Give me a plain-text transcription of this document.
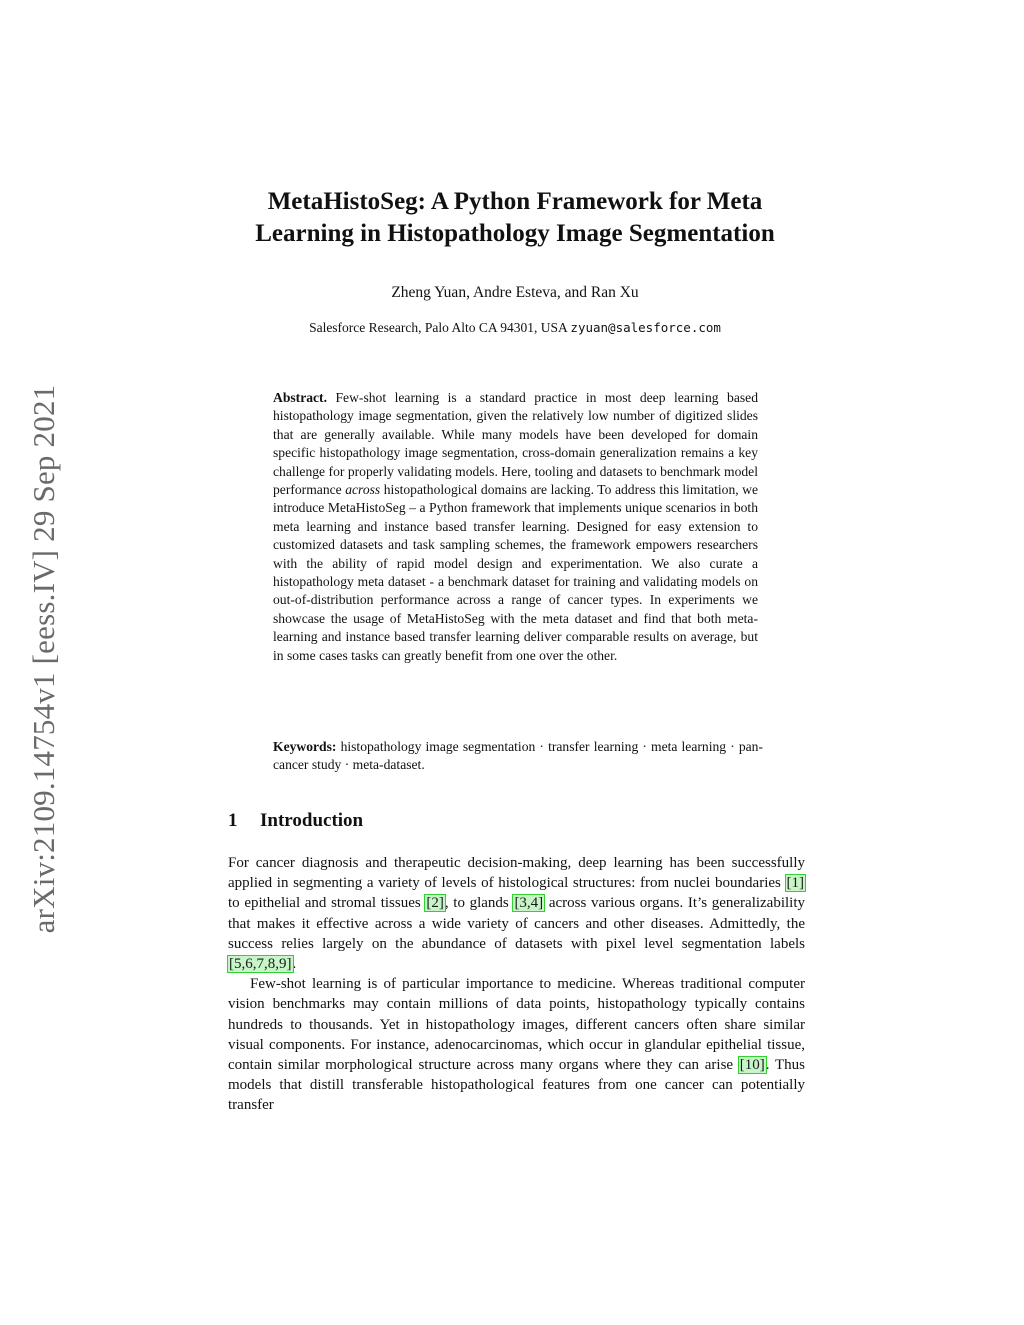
arXiv:2109.14754v1 [eess.IV] 29 Sep 2021
MetaHistoSeg: A Python Framework for Meta
Learning in Histopathology Image Segmentation
Zheng Yuan, Andre Esteva, and Ran Xu
Salesforce Research, Palo Alto CA 94301, USA zyuan@salesforce.com
Abstract. Few-shot learning is a standard practice in most deep learning based histopathology image segmentation, given the relatively low number of digitized slides that are generally available. While many models have been developed for domain specific histopathology image segmentation, cross-domain generalization remains a key challenge for properly validating models. Here, tooling and datasets to benchmark model performance across histopathological domains are lacking. To address this limitation, we introduce MetaHistoSeg – a Python framework that implements unique scenarios in both meta learning and instance based transfer learning. Designed for easy extension to customized datasets and task sampling schemes, the framework empowers researchers with the ability of rapid model design and experimentation. We also curate a histopathology meta dataset - a benchmark dataset for training and validating models on out-of-distribution performance across a range of cancer types. In experiments we showcase the usage of MetaHistoSeg with the meta dataset and find that both meta-learning and instance based transfer learning deliver comparable results on average, but in some cases tasks can greatly benefit from one over the other.
Keywords: histopathology image segmentation · transfer learning · meta learning · pan-cancer study · meta-dataset.
1 Introduction

For cancer diagnosis and therapeutic decision-making, deep learning has been successfully applied in segmenting a variety of levels of histological structures: from nuclei boundaries [1] to epithelial and stromal tissues [2], to glands [3,4] across various organs. It’s generalizability that makes it effective across a wide variety of cancers and other diseases. Admittedly, the success relies largely on the abundance of datasets with pixel level segmentation labels [5,6,7,8,9].

Few-shot learning is of particular importance to medicine. Whereas traditional computer vision benchmarks may contain millions of data points, histopathology typically contains hundreds to thousands. Yet in histopathology images, different cancers often share similar visual components. For instance, adenocarcinomas, which occur in glandular epithelial tissue, contain similar morphological structure across many organs where they can arise [10]. Thus models that distill transferable histopathological features from one cancer can potentially transfer
